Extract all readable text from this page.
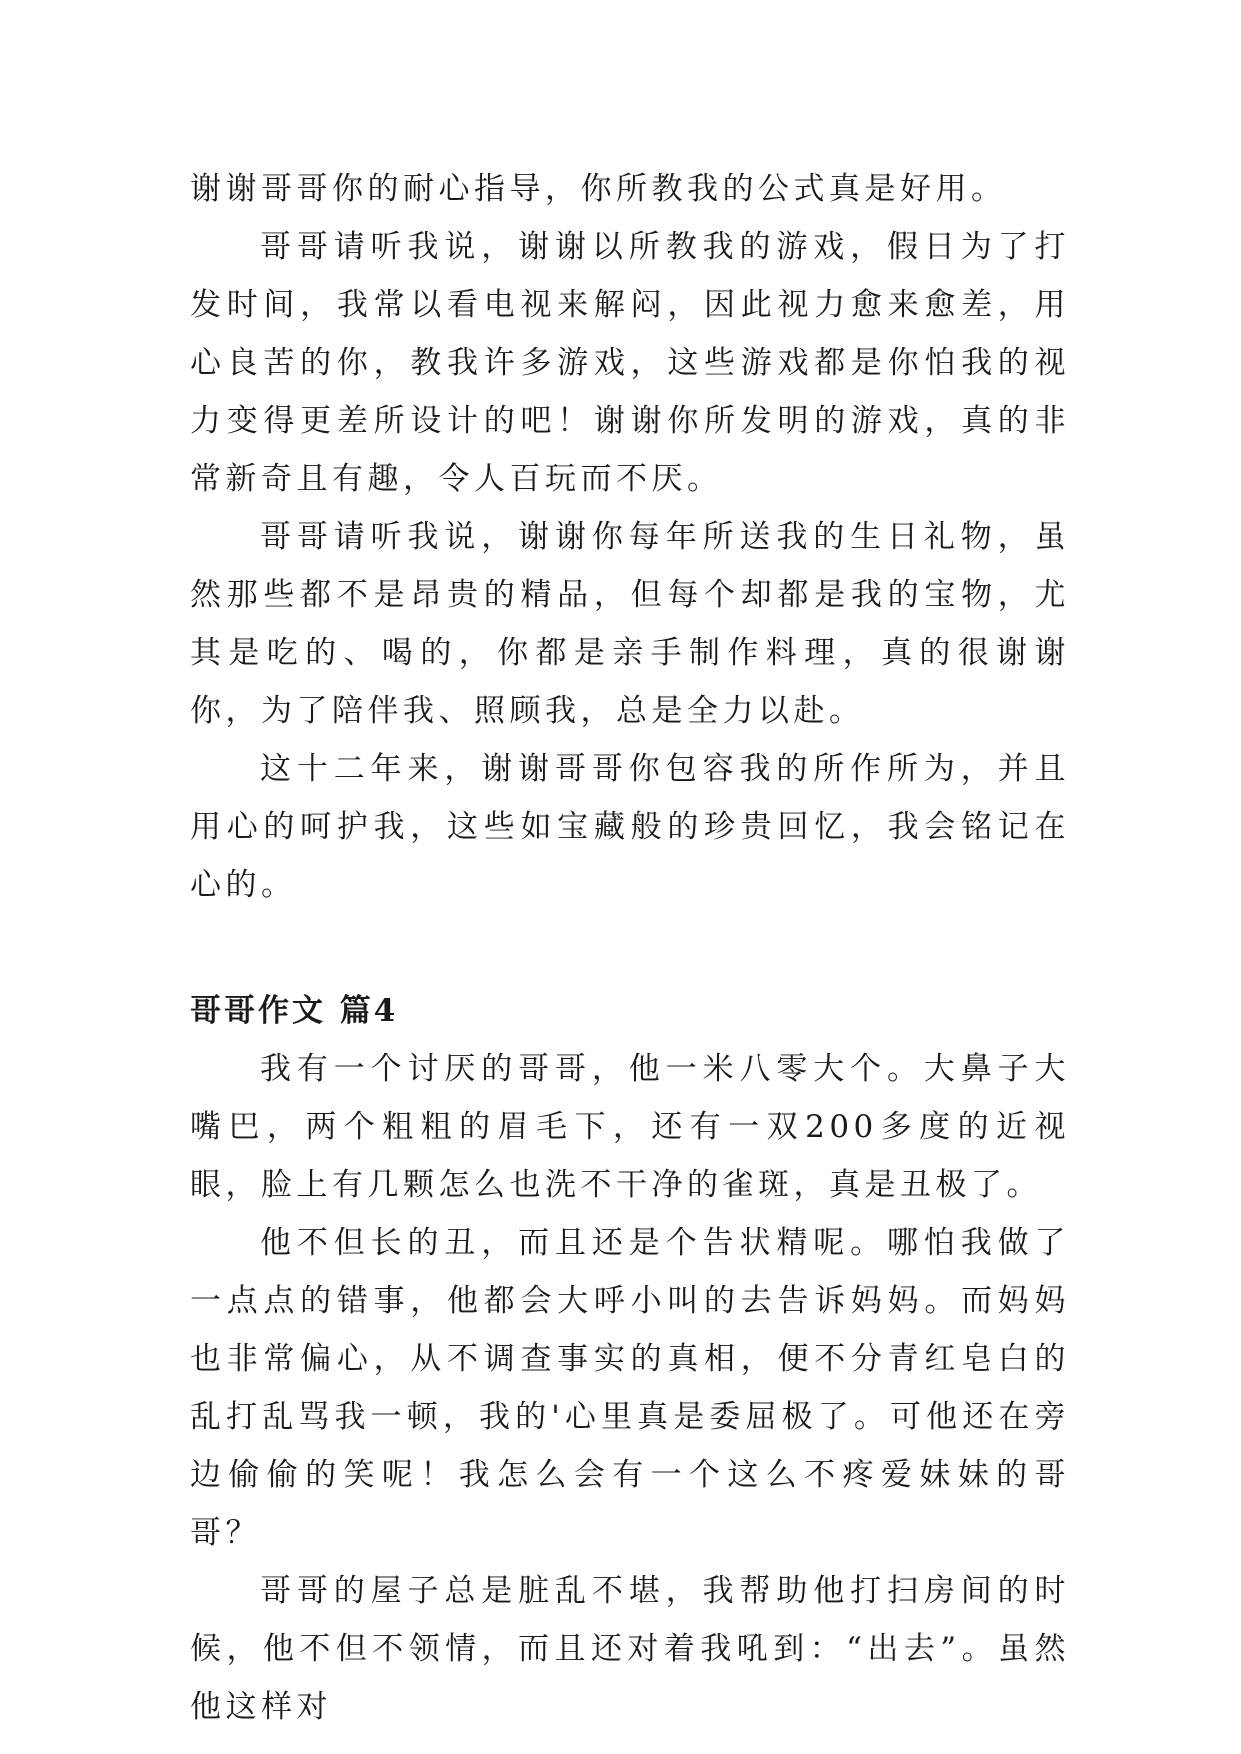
谢谢哥哥你的耐心指导，你所教我的公式真是好用。

哥哥请听我说，谢谢以所教我的游戏，假日为了打发时间，我常以看电视来解闷，因此视力愈来愈差，用心良苦的你，教我许多游戏，这些游戏都是你怕我的视力变得更差所设计的吧！谢谢你所发明的游戏，真的非常新奇且有趣，令人百玩而不厌。

哥哥请听我说，谢谢你每年所送我的生日礼物，虽然那些都不是昂贵的精品，但每个却都是我的宝物，尤其是吃的、喝的，你都是亲手制作料理，真的很谢谢你，为了陪伴我、照顾我，总是全力以赴。

这十二年来，谢谢哥哥你包容我的所作所为，并且用心的呵护我，这些如宝藏般的珍贵回忆，我会铭记在心的。

哥哥作文 篇4

我有一个讨厌的哥哥，他一米八零大个。大鼻子大嘴巴，两个粗粗的眉毛下，还有一双200多度的近视眼，脸上有几颗怎么也洗不干净的雀斑，真是丑极了。

他不但长的丑，而且还是个告状精呢。哪怕我做了一点点的错事，他都会大呼小叫的去告诉妈妈。而妈妈也非常偏心，从不调查事实的真相，便不分青红皂白的乱打乱骂我一顿，我的'心里真是委屈极了。可他还在旁边偷偷的笑呢！我怎么会有一个这么不疼爱妹妹的哥哥？

哥哥的屋子总是脏乱不堪，我帮助他打扫房间的时候，他不但不领情，而且还对着我吼到：“出去”。虽然他这样对
